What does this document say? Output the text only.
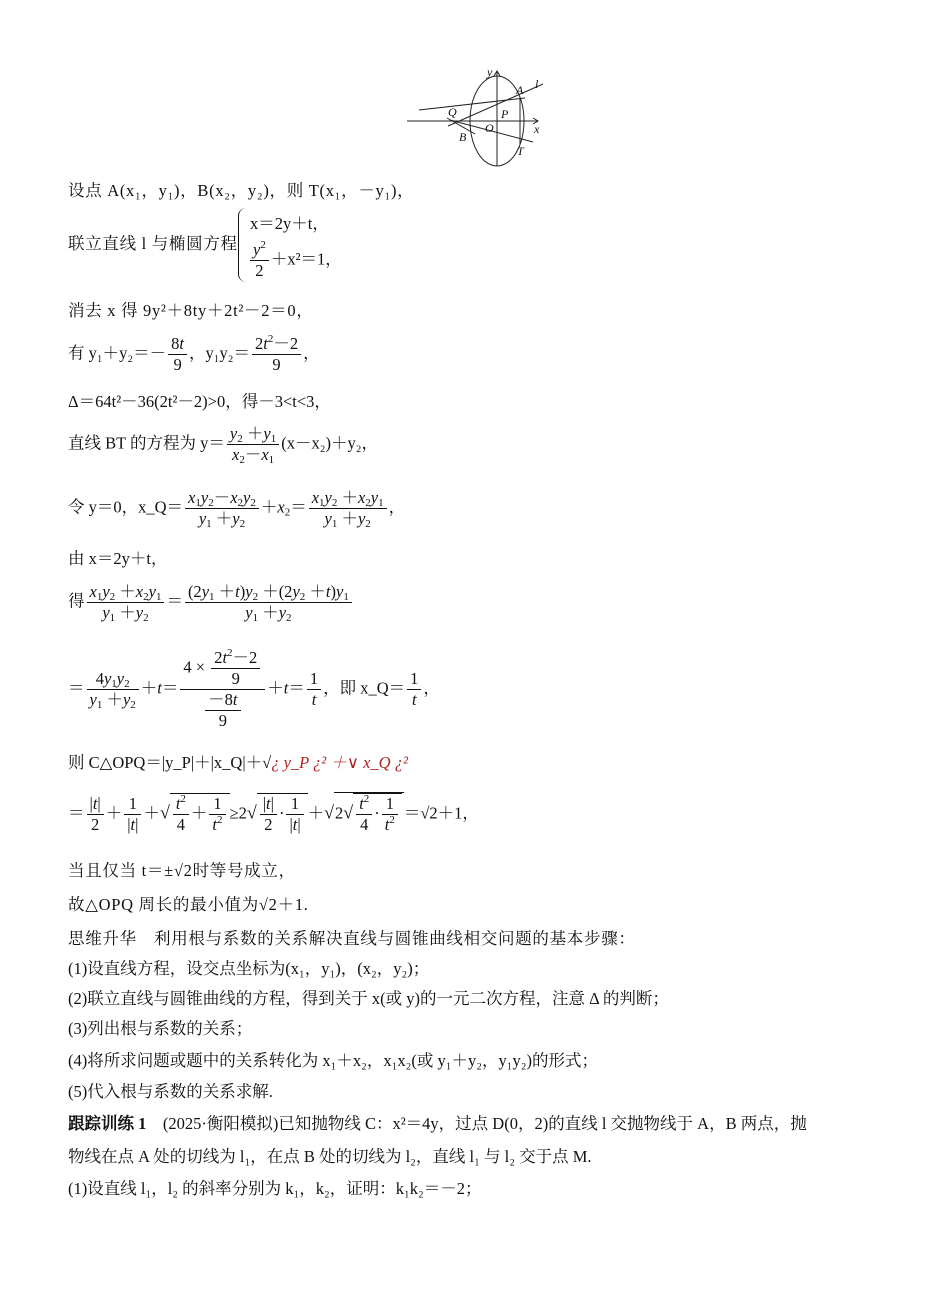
y
l
A
Q	P
O	x
B
T
设点 A(x₁，y₁)，B(x₂，y₂)，则 T(x₁，－y₁)，
联立直线 l 与椭圆方程
x＝2y＋t，
$\frac{y^2}{2} +x^2=1$，
消去 x 得 9y²＋8ty＋2t²－2＝0，
有 $y_1+y_2=- \frac{8t}{9}$ ，$y_1y_2= \frac{2t^2-2}{9}$ ，
Δ＝64t²－36(2t²－2)>0，得－3<t<3，
直线 BT 的方程为 $y= \frac{y_2 +y_1}{x_2-x_1} (x-x_2)+y_2$，
令 y＝0，x_Q＝ $\frac{x_1y_2-x_2y_2}{y_1 +y_2} +x_2= \frac{x_1y_2 +x_2y_1}{y_1 +y_2}$ ，
由 x＝2y＋t，
得 $\frac{x_1y_2 +x_2y_1}{y_1 +y_2} = \frac{(2y_1 +t)y_2 +(2y_2 +t)y_1}{y_1 +y_2}$
＝ $\frac{4y_1y_2}{y_1 +y_2} +t= \frac{4 \times \frac{2t^2-2}{9}}{\frac{-8t}{9}} +t= \frac{1}{t}$ ，即 x_Q＝ $\frac{1}{t}$ ，
则 C△OPQ＝|y_P|＋|x_Q|＋√¿ y_P ¿² ＋∨ x_Q ¿²
＝ $\frac{|t|}{2} + \frac{1}{|t|}$ ＋√ $\frac{t^2}{4} + \frac{1}{t^2} \ge 2√ \frac{|t|}{2} \cdot \frac{1}{|t|} +√2√ \frac{t^2}{4} \cdot \frac{1}{t^2} =√2+1$，
当且仅当 t＝±√2时等号成立，
故△OPQ 周长的最小值为√2＋1.
思维升华　利用根与系数的关系解决直线与圆锥曲线相交问题的基本步骤：
(1)设直线方程，设交点坐标为(x₁，y₁)，(x₂，y₂)；
(2)联立直线与圆锥曲线的方程，得到关于 x(或 y)的一元二次方程，注意 Δ 的判断；
(3)列出根与系数的关系；
(4)将所求问题或题中的关系转化为 x₁＋x₂，x₁x₂(或 y₁＋y₂，y₁y₂)的形式；
(5)代入根与系数的关系求解.
跟踪训练 1　(2025·衡阳模拟)已知抛物线 C：x²＝4y，过点 D(0，2)的直线 l 交抛物线于 A，B 两点，抛
物线在点 A 处的切线为 l₁，在点 B 处的切线为 l₂，直线 l₁ 与 l₂ 交于点 M.
(1)设直线 l₁，l₂ 的斜率分别为 k₁，k₂，证明：k₁k₂＝－2；
